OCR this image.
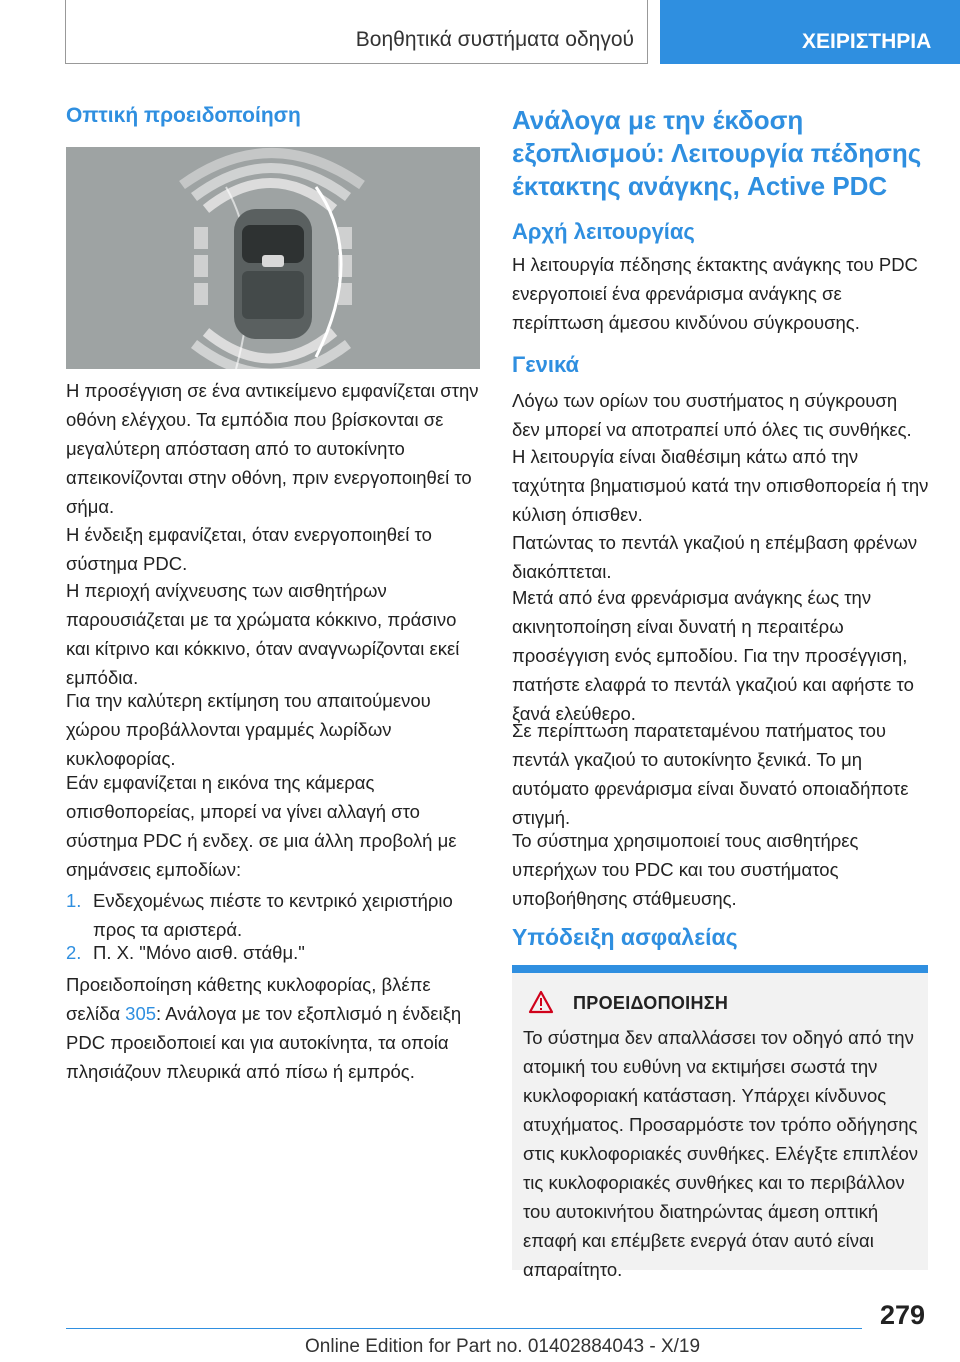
Βοηθητικά συστήματα οδηγού	ΧΕΙΡΙΣΤΗΡΙΑ
Οπτική προειδοποίηση
Η προσέγγιση σε ένα αντικείμενο εμφανίζεται στην οθόνη ελέγχου. Τα εμπόδια που βρίσκονται σε μεγαλύτερη απόσταση από το αυτοκίνητο απεικονίζονται στην οθόνη, πριν ενεργοποιηθεί το σήμα.
Η ένδειξη εμφανίζεται, όταν ενεργοποιηθεί το σύστημα PDC.
Η περιοχή ανίχνευσης των αισθητήρων παρουσιάζεται με τα χρώματα κόκκινο, πράσινο και κίτρινο και κόκκινο, όταν αναγνωρίζονται εκεί εμπόδια.
Για την καλύτερη εκτίμηση του απαιτούμενου χώρου προβάλλονται γραμμές λωρίδων κυκλοφορίας.
Εάν εμφανίζεται η εικόνα της κάμερας οπισθοπορείας, μπορεί να γίνει αλλαγή στο σύστημα PDC ή ενδεχ. σε μια άλλη προβολή με σημάνσεις εμποδίων:
1. Ενδεχομένως πιέστε το κεντρικό χειριστήριο προς τα αριστερά.
2. Π. Χ. "Μόνο αισθ. στάθμ."
Προειδοποίηση κάθετης κυκλοφορίας, βλέπε σελίδα 305: Ανάλογα με τον εξοπλισμό η ένδειξη PDC προειδοποιεί και για αυτοκίνητα, τα οποία πλησιάζουν πλευρικά από πίσω ή εμπρός.
Ανάλογα με την έκδοση εξοπλισμού: Λειτουργία πέδησης έκτακτης ανάγκης, Active PDC
Αρχή λειτουργίας
Η λειτουργία πέδησης έκτακτης ανάγκης του PDC ενεργοποιεί ένα φρενάρισμα ανάγκης σε περίπτωση άμεσου κινδύνου σύγκρουσης.
Γενικά
Λόγω των ορίων του συστήματος η σύγκρουση δεν μπορεί να αποτραπεί υπό όλες τις συνθήκες.
Η λειτουργία είναι διαθέσιμη κάτω από την ταχύτητα βηματισμού κατά την οπισθοπορεία ή την κύλιση όπισθεν.
Πατώντας το πεντάλ γκαζιού η επέμβαση φρένων διακόπτεται.
Μετά από ένα φρενάρισμα ανάγκης έως την ακινητοποίηση είναι δυνατή η περαιτέρω προσέγγιση ενός εμποδίου. Για την προσέγγιση, πατήστε ελαφρά το πεντάλ γκαζιού και αφήστε το ξανά ελεύθερο.
Σε περίπτωση παρατεταμένου πατήματος του πεντάλ γκαζιού το αυτοκίνητο ξενικά. Το μη αυτόματο φρενάρισμα είναι δυνατό οποιαδήποτε στιγμή.
Το σύστημα χρησιμοποιεί τους αισθητήρες υπερήχων του PDC και του συστήματος υποβοήθησης στάθμευσης.
Υπόδειξη ασφαλείας
ΠΡΟΕΙΔΟΠΟΙΗΣΗ
Το σύστημα δεν απαλλάσσει τον οδηγό από την ατομική του ευθύνη να εκτιμήσει σωστά την κυκλοφοριακή κατάσταση. Υπάρχει κίνδυνος ατυχήματος. Προσαρμόστε τον τρόπο οδήγησης στις κυκλοφοριακές συνθήκες. Ελέγξτε επιπλέον τις κυκλοφοριακές συνθήκες και το περιβάλλον του αυτοκινήτου διατηρώντας άμεση οπτική επαφή και επέμβετε ενεργά όταν αυτό είναι απαραίτητο.
279
Online Edition for Part no. 01402884043 - X/19
